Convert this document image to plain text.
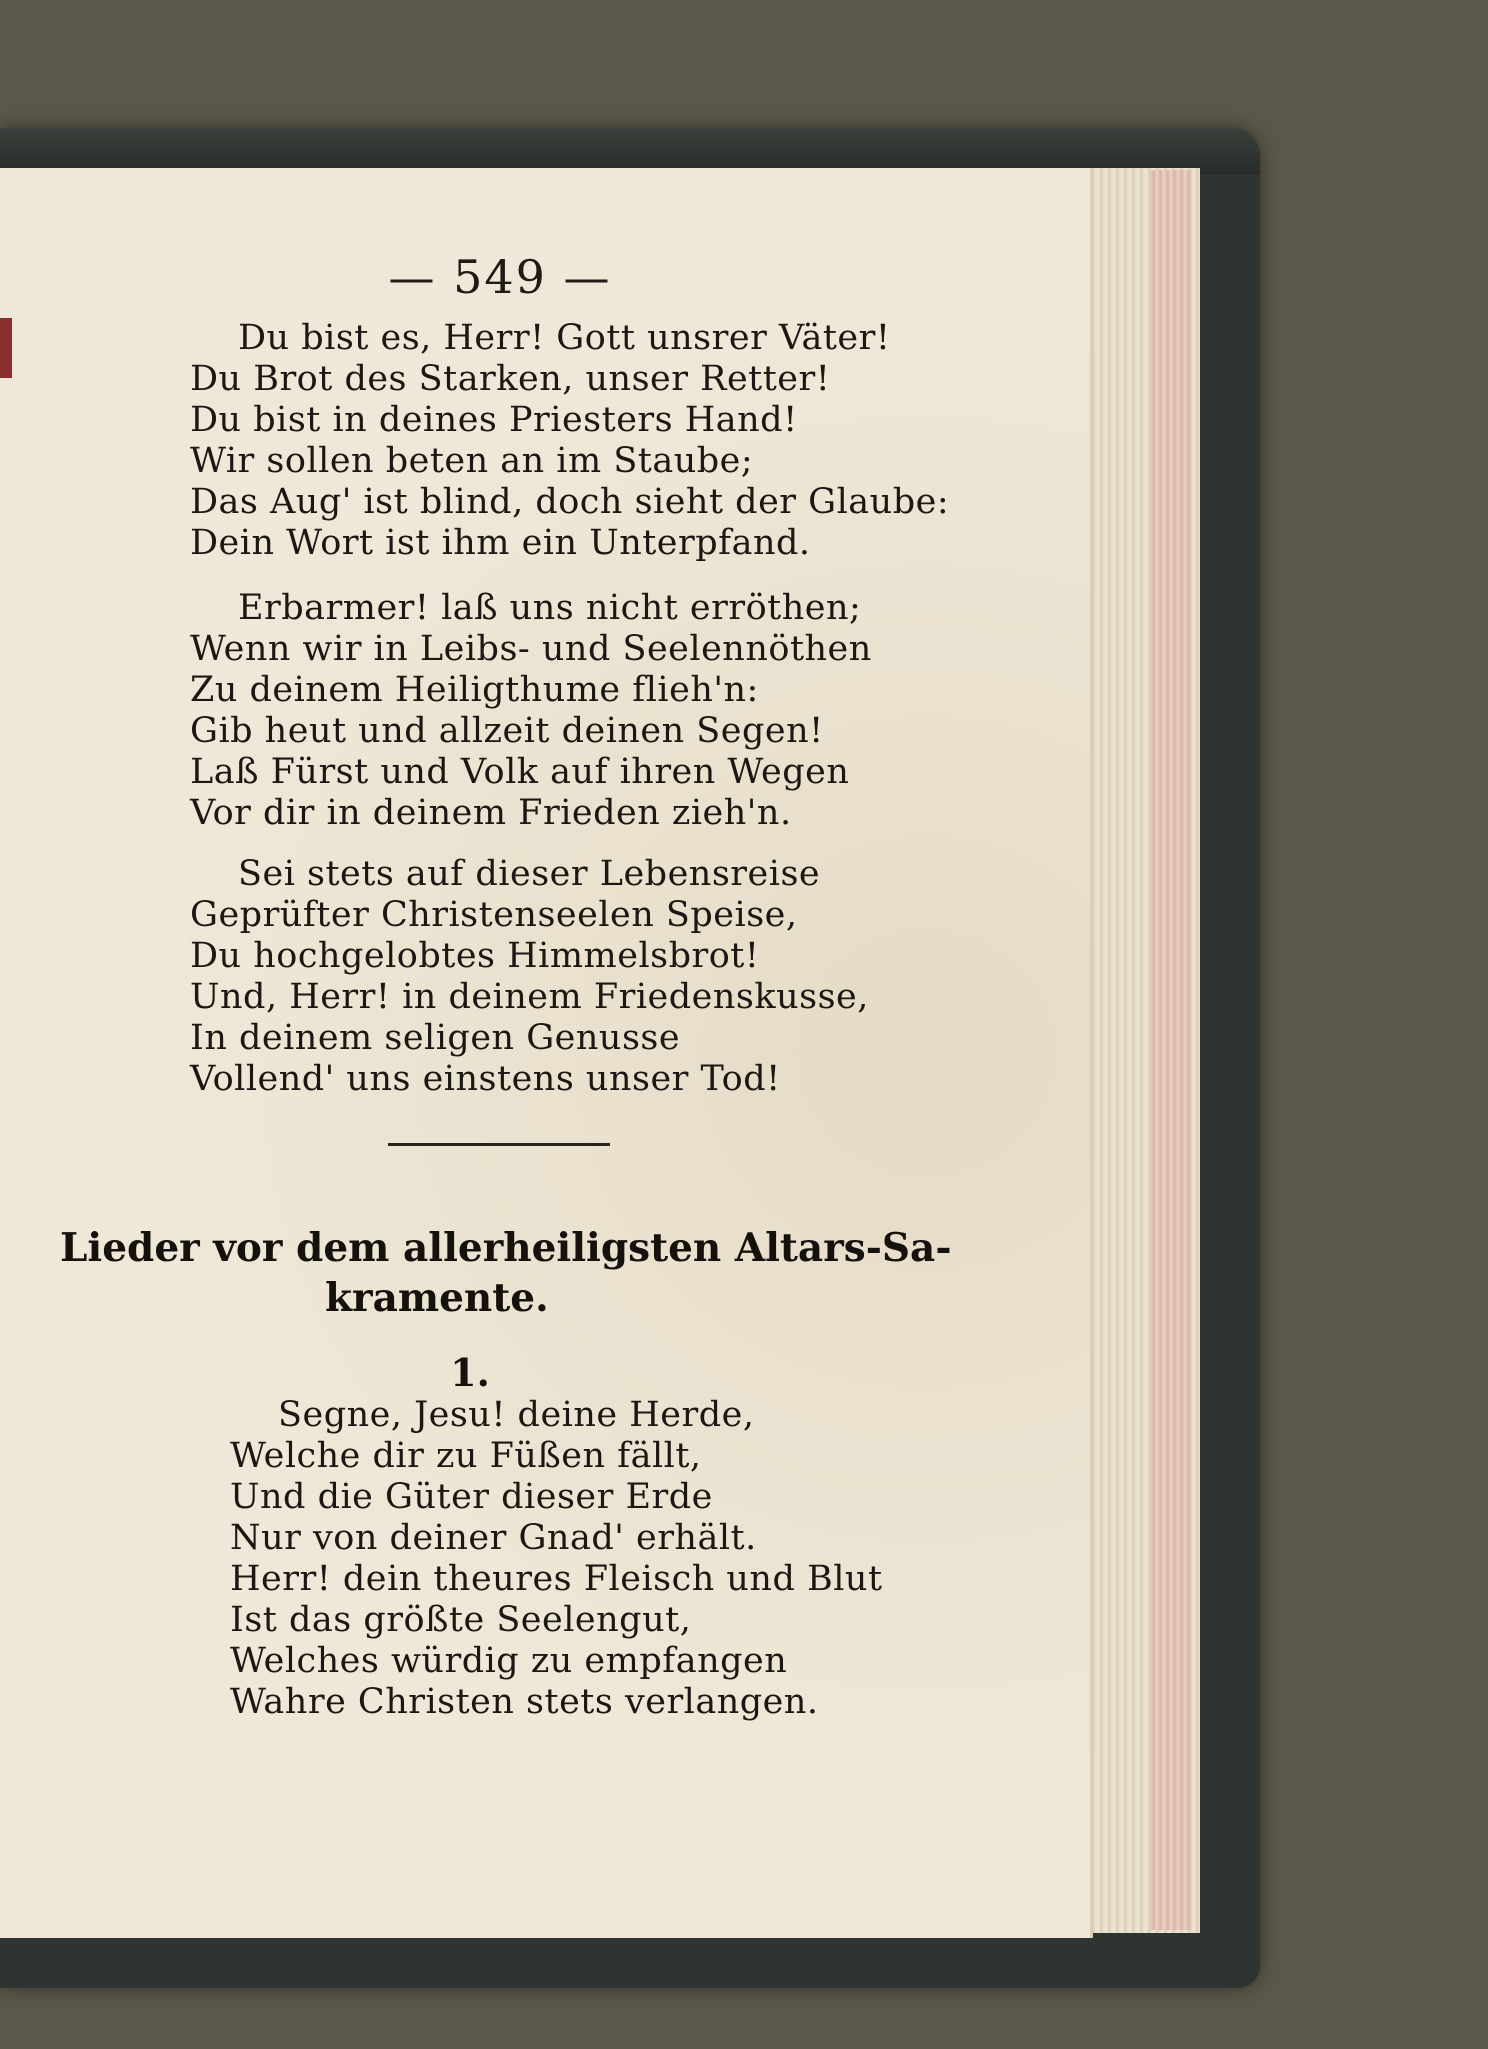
— 549 —
Du bist es, Herr! Gott unsrer Väter!
Du Brot des Starken, unser Retter!
Du bist in deines Priesters Hand!
Wir sollen beten an im Staube;
Das Aug' ist blind, doch sieht der Glaube:
Dein Wort ist ihm ein Unterpfand.
Erbarmer! laß uns nicht erröthen;
Wenn wir in Leibs- und Seelennöthen
Zu deinem Heiligthume flieh'n:
Gib heut und allzeit deinen Segen!
Laß Fürst und Volk auf ihren Wegen
Vor dir in deinem Frieden zieh'n.
Sei stets auf dieser Lebensreise
Geprüfter Christenseelen Speise,
Du hochgelobtes Himmelsbrot!
Und, Herr! in deinem Friedenskusse,
In deinem seligen Genusse
Vollend' uns einstens unser Tod!
Lieder vor dem allerheiligsten Altars-Sa-
kramente.
1.
Segne, Jesu! deine Herde,
Welche dir zu Füßen fällt,
Und die Güter dieser Erde
Nur von deiner Gnad' erhält.
Herr! dein theures Fleisch und Blut
Ist das größte Seelengut,
Welches würdig zu empfangen
Wahre Christen stets verlangen.
